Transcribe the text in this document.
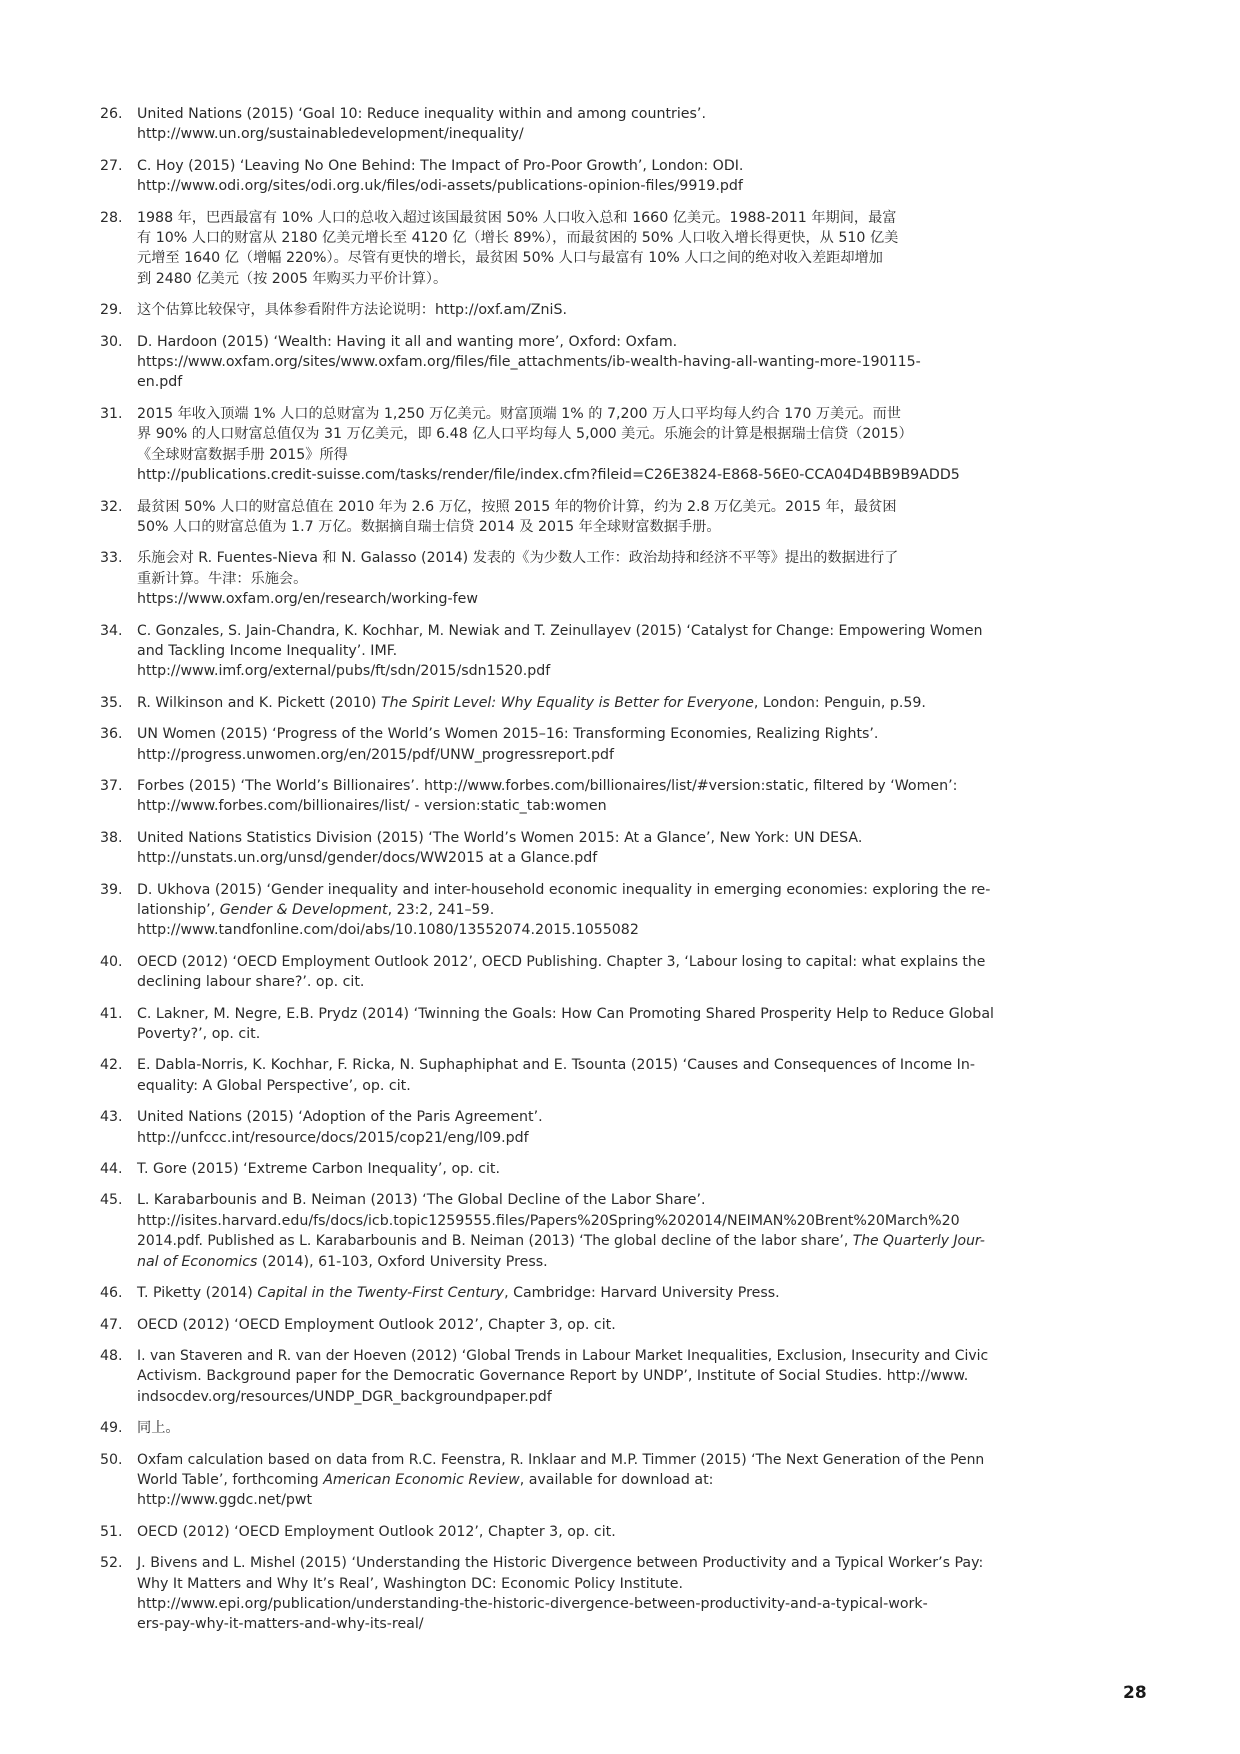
26.	United Nations (2015) ‘Goal 10: Reduce inequality within and among countries’.
http://www.un.org/sustainabledevelopment/inequality/
27.	C. Hoy (2015) ‘Leaving No One Behind: The Impact of Pro-Poor Growth’, London: ODI.
http://www.odi.org/sites/odi.org.uk/files/odi-assets/publications-opinion-files/9919.pdf
28.	1988 年，巴西最富有 10% 人口的总收入超过该国最贫困 50% 人口收入总和 1660 亿美元。1988-2011 年期间，最富
有 10% 人口的财富从 2180 亿美元增长至 4120 亿（增长 89%），而最贫困的 50% 人口收入增长得更快，从 510 亿美
元增至 1640 亿（增幅 220%）。尽管有更快的增长，最贫困 50% 人口与最富有 10% 人口之间的绝对收入差距却增加
到 2480 亿美元（按 2005 年购买力平价计算）。
29.	这个估算比较保守，具体参看附件方法论说明：http://oxf.am/ZniS.
30.	D. Hardoon (2015) ‘Wealth: Having it all and wanting more’, Oxford: Oxfam.
https://www.oxfam.org/sites/www.oxfam.org/files/file_attachments/ib-wealth-having-all-wanting-more-190115-
en.pdf
31.	2015 年收入顶端 1% 人口的总财富为 1,250 万亿美元。财富顶端 1% 的 7,200 万人口平均每人约合 170 万美元。而世
界 90% 的人口财富总值仅为 31 万亿美元，即 6.48 亿人口平均每人 5,000 美元。乐施会的计算是根据瑞士信贷（2015）
《全球财富数据手册 2015》所得
http://publications.credit-suisse.com/tasks/render/file/index.cfm?fileid=C26E3824-E868-56E0-CCA04D4BB9B9ADD5
32.	最贫困 50% 人口的财富总值在 2010 年为 2.6 万亿，按照 2015 年的物价计算，约为 2.8 万亿美元。2015 年，最贫困
50% 人口的财富总值为 1.7 万亿。数据摘自瑞士信贷 2014 及 2015 年全球财富数据手册。
33.	乐施会对 R. Fuentes-Nieva 和 N. Galasso (2014) 发表的《为少数人工作：政治劫持和经济不平等》提出的数据进行了
重新计算。牛津：乐施会。
https://www.oxfam.org/en/research/working-few
34.	C. Gonzales, S. Jain-Chandra, K. Kochhar, M. Newiak and T. Zeinullayev (2015) ‘Catalyst for Change: Empowering Women
and Tackling Income Inequality’. IMF.
http://www.imf.org/external/pubs/ft/sdn/2015/sdn1520.pdf
35.	R. Wilkinson and K. Pickett (2010) The Spirit Level: Why Equality is Better for Everyone, London: Penguin, p.59.
36.	UN Women (2015) ‘Progress of the World’s Women 2015–16: Transforming Economies, Realizing Rights’.
http://progress.unwomen.org/en/2015/pdf/UNW_progressreport.pdf
37.	Forbes (2015) ‘The World’s Billionaires’. http://www.forbes.com/billionaires/list/#version:static, filtered by ‘Women’:
http://www.forbes.com/billionaires/list/ - version:static_tab:women
38.	United Nations Statistics Division (2015) ‘The World’s Women 2015: At a Glance’, New York: UN DESA.
http://unstats.un.org/unsd/gender/docs/WW2015 at a Glance.pdf
39.	D. Ukhova (2015) ‘Gender inequality and inter-household economic inequality in emerging economies: exploring the re-
lationship’, Gender & Development, 23:2, 241–59.
http://www.tandfonline.com/doi/abs/10.1080/13552074.2015.1055082
40.	OECD (2012) ‘OECD Employment Outlook 2012’, OECD Publishing. Chapter 3, ‘Labour losing to capital: what explains the
declining labour share?’. op. cit.
41.	C. Lakner, M. Negre, E.B. Prydz (2014) ‘Twinning the Goals: How Can Promoting Shared Prosperity Help to Reduce Global
Poverty?’, op. cit.
42.	E. Dabla-Norris, K. Kochhar, F. Ricka, N. Suphaphiphat and E. Tsounta (2015) ‘Causes and Consequences of Income In-
equality: A Global Perspective’, op. cit.
43.	United Nations (2015) ‘Adoption of the Paris Agreement’.
http://unfccc.int/resource/docs/2015/cop21/eng/l09.pdf
44.	T. Gore (2015) ‘Extreme Carbon Inequality’, op. cit.
45.	L. Karabarbounis and B. Neiman (2013) ‘The Global Decline of the Labor Share’.
http://isites.harvard.edu/fs/docs/icb.topic1259555.files/Papers%20Spring%202014/NEIMAN%20Brent%20March%20
2014.pdf. Published as L. Karabarbounis and B. Neiman (2013) ‘The global decline of the labor share’, The Quarterly Jour-
nal of Economics (2014), 61-103, Oxford University Press.
46.	T. Piketty (2014) Capital in the Twenty-First Century, Cambridge: Harvard University Press.
47.	OECD (2012) ‘OECD Employment Outlook 2012’, Chapter 3, op. cit.
48.	I. van Staveren and R. van der Hoeven (2012) ‘Global Trends in Labour Market Inequalities, Exclusion, Insecurity and Civic
Activism. Background paper for the Democratic Governance Report by UNDP’, Institute of Social Studies. http://www.
indsocdev.org/resources/UNDP_DGR_backgroundpaper.pdf
49.	同上。
50.	Oxfam calculation based on data from R.C. Feenstra, R. Inklaar and M.P. Timmer (2015) ‘The Next Generation of the Penn
World Table’, forthcoming American Economic Review, available for download at:
http://www.ggdc.net/pwt
51.	OECD (2012) ‘OECD Employment Outlook 2012’, Chapter 3, op. cit.
52.	J. Bivens and L. Mishel (2015) ‘Understanding the Historic Divergence between Productivity and a Typical Worker’s Pay:
Why It Matters and Why It’s Real’, Washington DC: Economic Policy Institute.
http://www.epi.org/publication/understanding-the-historic-divergence-between-productivity-and-a-typical-work-
ers-pay-why-it-matters-and-why-its-real/
28
